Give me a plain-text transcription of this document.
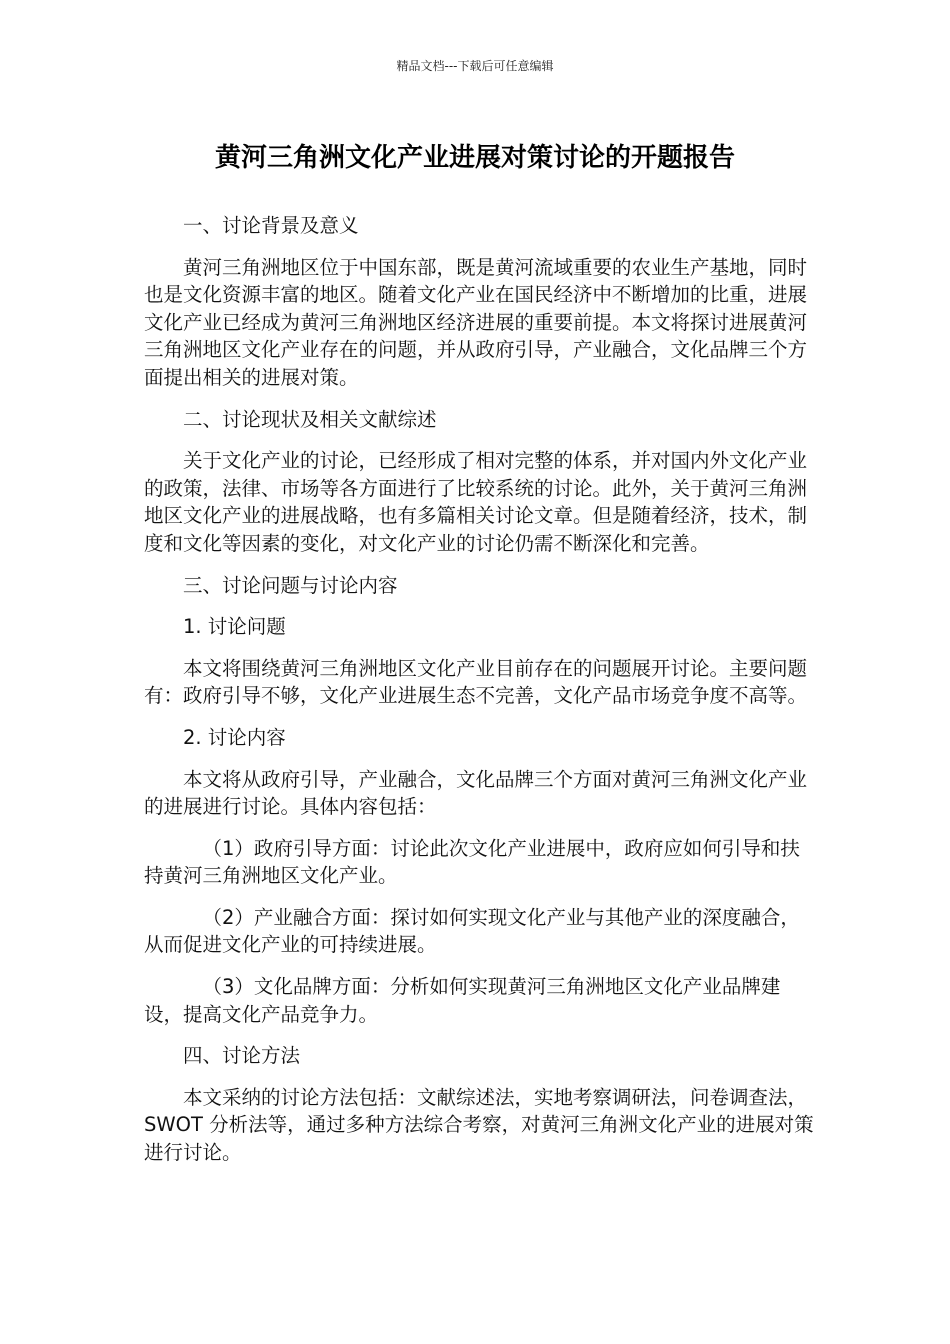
精品文档---下载后可任意编辑
黄河三角洲文化产业进展对策讨论的开题报告

一、讨论背景及意义

黄河三角洲地区位于中国东部，既是黄河流域重要的农业生产基地，同时也是文化资源丰富的地区。随着文化产业在国民经济中不断增加的比重，进展文化产业已经成为黄河三角洲地区经济进展的重要前提。本文将探讨进展黄河三角洲地区文化产业存在的问题，并从政府引导，产业融合，文化品牌三个方面提出相关的进展对策。

二、讨论现状及相关文献综述

关于文化产业的讨论，已经形成了相对完整的体系，并对国内外文化产业的政策，法律、市场等各方面进行了比较系统的讨论。此外，关于黄河三角洲地区文化产业的进展战略，也有多篇相关讨论文章。但是随着经济，技术，制度和文化等因素的变化，对文化产业的讨论仍需不断深化和完善。

三、讨论问题与讨论内容

1. 讨论问题

本文将围绕黄河三角洲地区文化产业目前存在的问题展开讨论。主要问题有：政府引导不够，文化产业进展生态不完善，文化产品市场竞争度不高等。

2. 讨论内容

本文将从政府引导，产业融合，文化品牌三个方面对黄河三角洲文化产业的进展进行讨论。具体内容包括：

（1）政府引导方面：讨论此次文化产业进展中，政府应如何引导和扶持黄河三角洲地区文化产业。

（2）产业融合方面：探讨如何实现文化产业与其他产业的深度融合，从而促进文化产业的可持续进展。

（3）文化品牌方面：分析如何实现黄河三角洲地区文化产业品牌建设，提高文化产品竞争力。

四、讨论方法

本文采纳的讨论方法包括：文献综述法，实地考察调研法，问卷调查法，SWOT 分析法等，通过多种方法综合考察，对黄河三角洲文化产业的进展对策进行讨论。
